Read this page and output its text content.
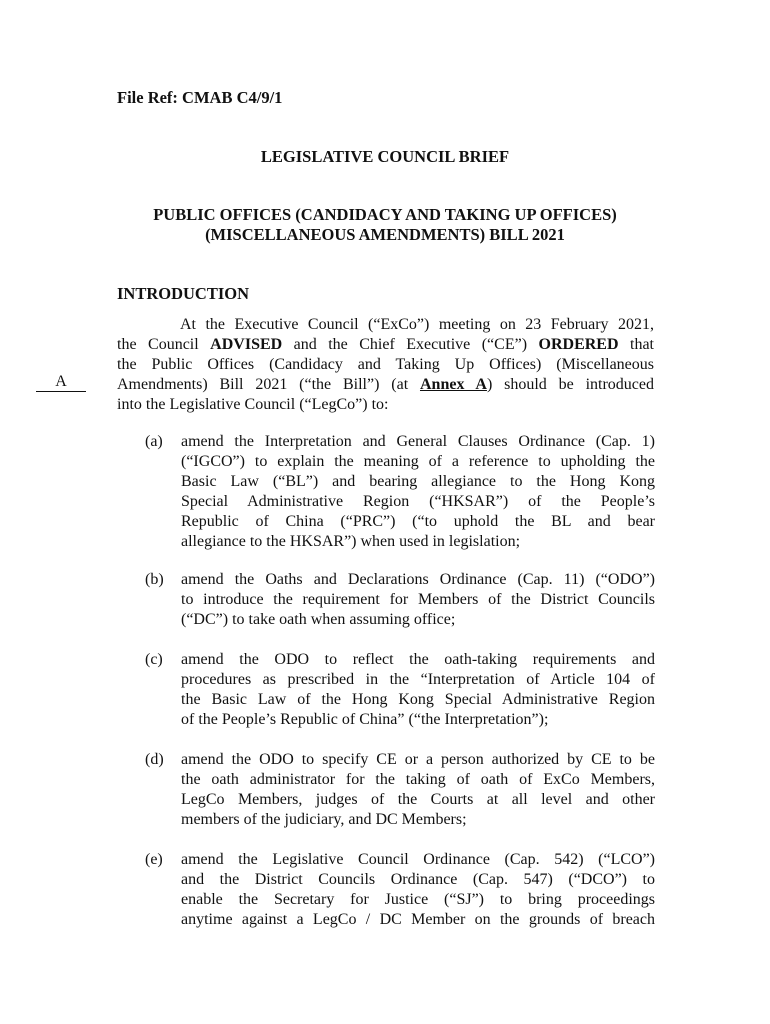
File Ref: CMAB C4/9/1
LEGISLATIVE COUNCIL BRIEF
PUBLIC OFFICES (CANDIDACY AND TAKING UP OFFICES)
(MISCELLANEOUS AMENDMENTS) BILL 2021
INTRODUCTION
A
At the Executive Council (“ExCo”) meeting on 23 February 2021,
the Council ADVISED and the Chief Executive (“CE”) ORDERED that
the Public Offices (Candidacy and Taking Up Offices) (Miscellaneous
Amendments) Bill 2021 (“the Bill”) (at Annex A) should be introduced
into the Legislative Council (“LegCo”) to:
(a) amend the Interpretation and General Clauses Ordinance (Cap. 1)
(“IGCO”) to explain the meaning of a reference to upholding the
Basic Law (“BL”) and bearing allegiance to the Hong Kong
Special Administrative Region (“HKSAR”) of the People’s
Republic of China (“PRC”) (“to uphold the BL and bear
allegiance to the HKSAR”) when used in legislation;
(b) amend the Oaths and Declarations Ordinance (Cap. 11) (“ODO”)
to introduce the requirement for Members of the District Councils
(“DC”) to take oath when assuming office;
(c) amend the ODO to reflect the oath-taking requirements and
procedures as prescribed in the “Interpretation of Article 104 of
the Basic Law of the Hong Kong Special Administrative Region
of the People’s Republic of China” (“the Interpretation”);
(d) amend the ODO to specify CE or a person authorized by CE to be
the oath administrator for the taking of oath of ExCo Members,
LegCo Members, judges of the Courts at all level and other
members of the judiciary, and DC Members;
(e) amend the Legislative Council Ordinance (Cap. 542) (“LCO”)
and the District Councils Ordinance (Cap. 547) (“DCO”) to
enable the Secretary for Justice (“SJ”) to bring proceedings
anytime against a LegCo / DC Member on the grounds of breach
